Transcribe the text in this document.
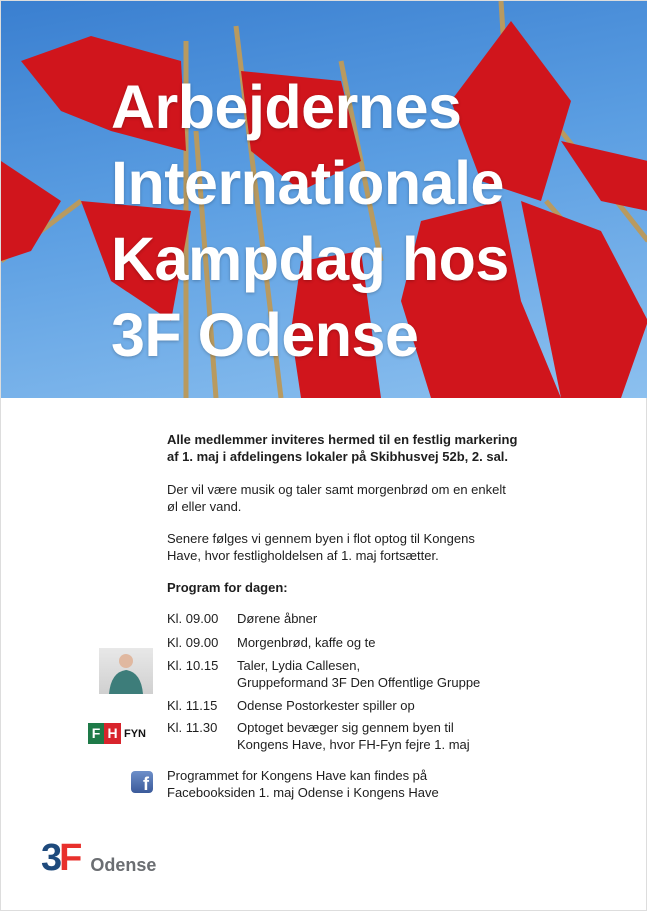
Arbejdernes
Internationale
Kampdag hos
3F Odense
Alle medlemmer inviteres hermed til en festlig markering
af 1. maj i afdelingens lokaler på Skibhusvej 52b, 2. sal.
Der vil være musik og taler samt morgenbrød om en enkelt
øl eller vand.
Senere følges vi gennem byen i flot optog til Kongens
Have, hvor festligholdelsen af 1. maj fortsætter.
Program for dagen:
Kl. 09.00	Dørene åbner
Kl. 09.00	Morgenbrød, kaffe og te
Kl. 10.15	Taler, Lydia Callesen,
Gruppeformand 3F Den Offentlige Gruppe
Kl. 11.15	Odense Postorkester spiller op
Kl. 11.30	Optoget bevæger sig gennem byen til
Kongens Have, hvor FH-Fyn fejre 1. maj
F H FYN
f	Programmet for Kongens Have kan findes på
Facebooksiden 1. maj Odense i Kongens Have
3 F Odense
